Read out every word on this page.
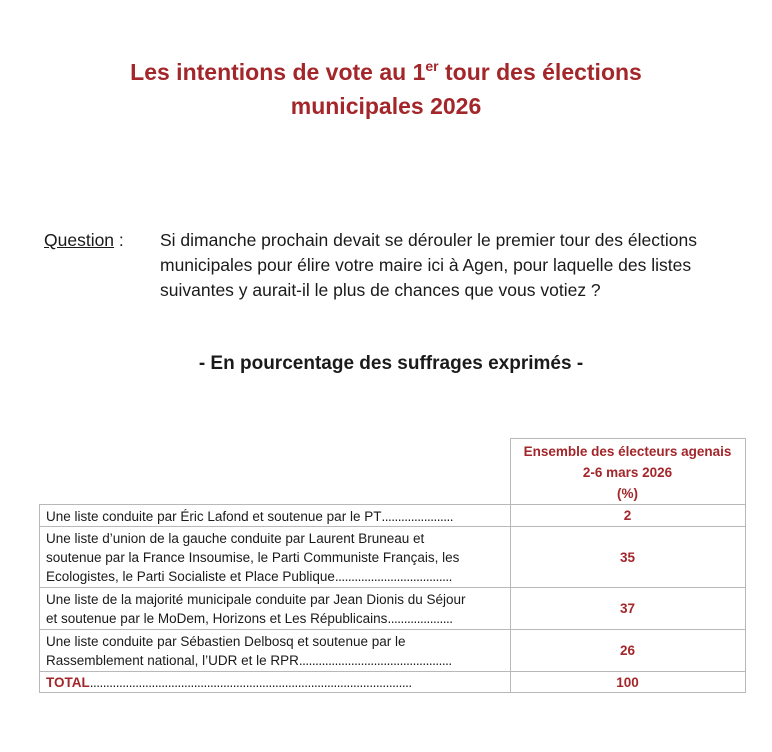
Les intentions de vote au 1er tour des élections
municipales 2026
Question : Si dimanche prochain devait se dérouler le premier tour des élections
municipales pour élire votre maire ici à Agen, pour laquelle des listes
suivantes y aurait-il le plus de chances que vous votiez ?
- En pourcentage des suffrages exprimés -

	Ensemble des électeurs agenais
2-6 mars 2026
(%)

Une liste conduite par Éric Lafond et soutenue par le PT......................	2

Une liste d’union de la gauche conduite par Laurent Bruneau et
soutenue par la France Insoumise, le Parti Communiste Français, les
Ecologistes, le Parti Socialiste et Place Publique....................................	35

Une liste de la majorité municipale conduite par Jean Dionis du Séjour
et soutenue par le MoDem, Horizons et Les Républicains....................	37

Une liste conduite par Sébastien Delbosq et soutenue par le
Rassemblement national, l’UDR et le RPR...............................................	26
TOTAL...................................................................................................	100
